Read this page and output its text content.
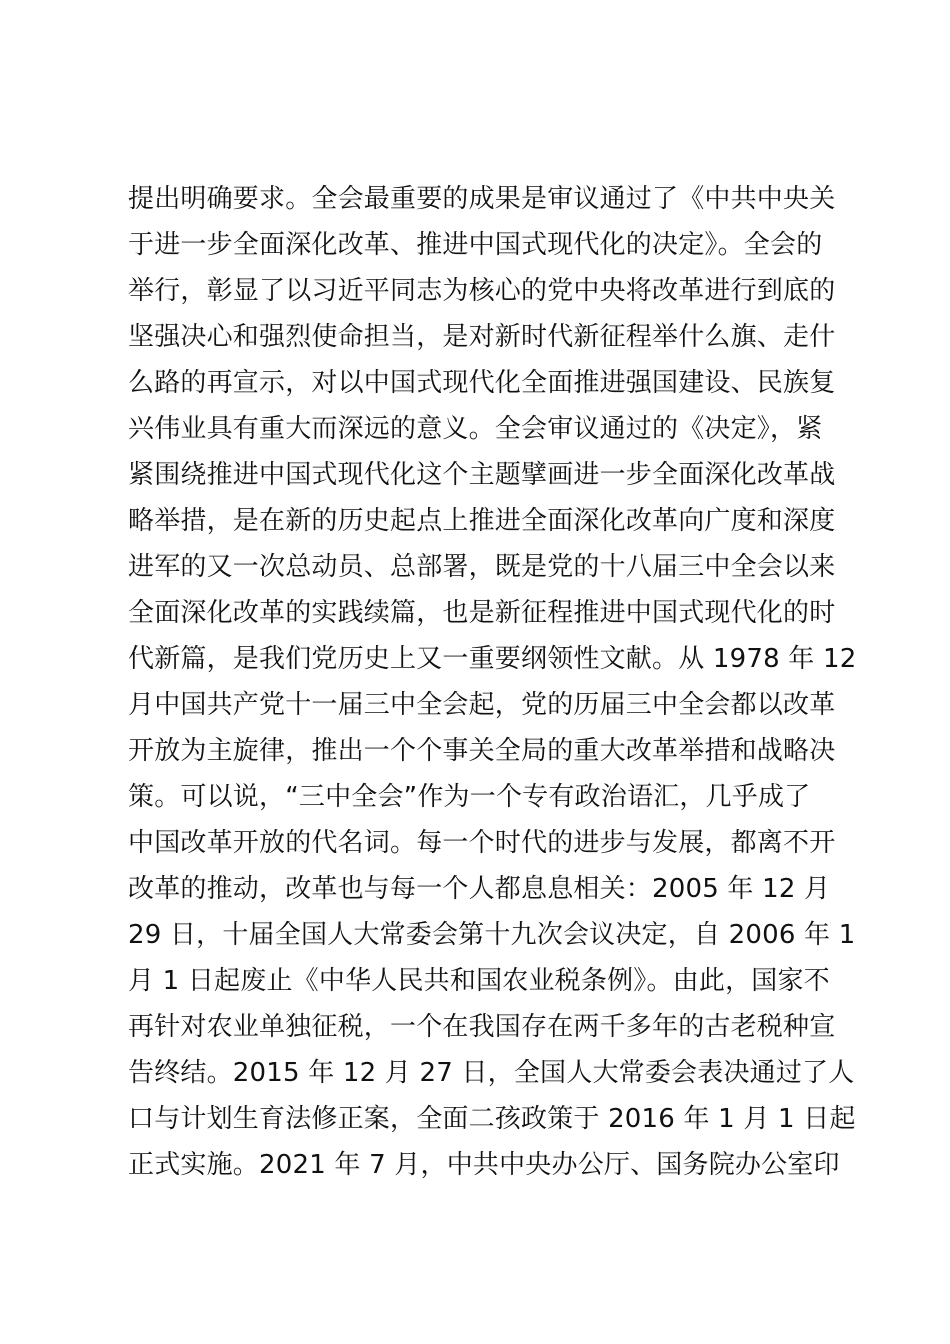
提出明确要求。全会最重要的成果是审议通过了《中共中央关
于进一步全面深化改革、推进中国式现代化的决定》。全会的
举行，彰显了以习近平同志为核心的党中央将改革进行到底的
坚强决心和强烈使命担当，是对新时代新征程举什么旗、走什
么路的再宣示，对以中国式现代化全面推进强国建设、民族复
兴伟业具有重大而深远的意义。全会审议通过的《决定》，紧
紧围绕推进中国式现代化这个主题擘画进一步全面深化改革战
略举措，是在新的历史起点上推进全面深化改革向广度和深度
进军的又一次总动员、总部署，既是党的十八届三中全会以来
全面深化改革的实践续篇，也是新征程推进中国式现代化的时
代新篇，是我们党历史上又一重要纲领性文献。从 1978 年 12
月中国共产党十一届三中全会起，党的历届三中全会都以改革
开放为主旋律，推出一个个事关全局的重大改革举措和战略决
策。可以说，“三中全会”作为一个专有政治语汇，几乎成了
中国改革开放的代名词。每一个时代的进步与发展，都离不开
改革的推动，改革也与每一个人都息息相关：2005 年 12 月
29 日，十届全国人大常委会第十九次会议决定，自 2006 年 1
月 1 日起废止《中华人民共和国农业税条例》。由此，国家不
再针对农业单独征税，一个在我国存在两千多年的古老税种宣
告终结。2015 年 12 月 27 日，全国人大常委会表决通过了人
口与计划生育法修正案，全面二孩政策于 2016 年 1 月 1 日起
正式实施。2021 年 7 月，中共中央办公厅、国务院办公室印
